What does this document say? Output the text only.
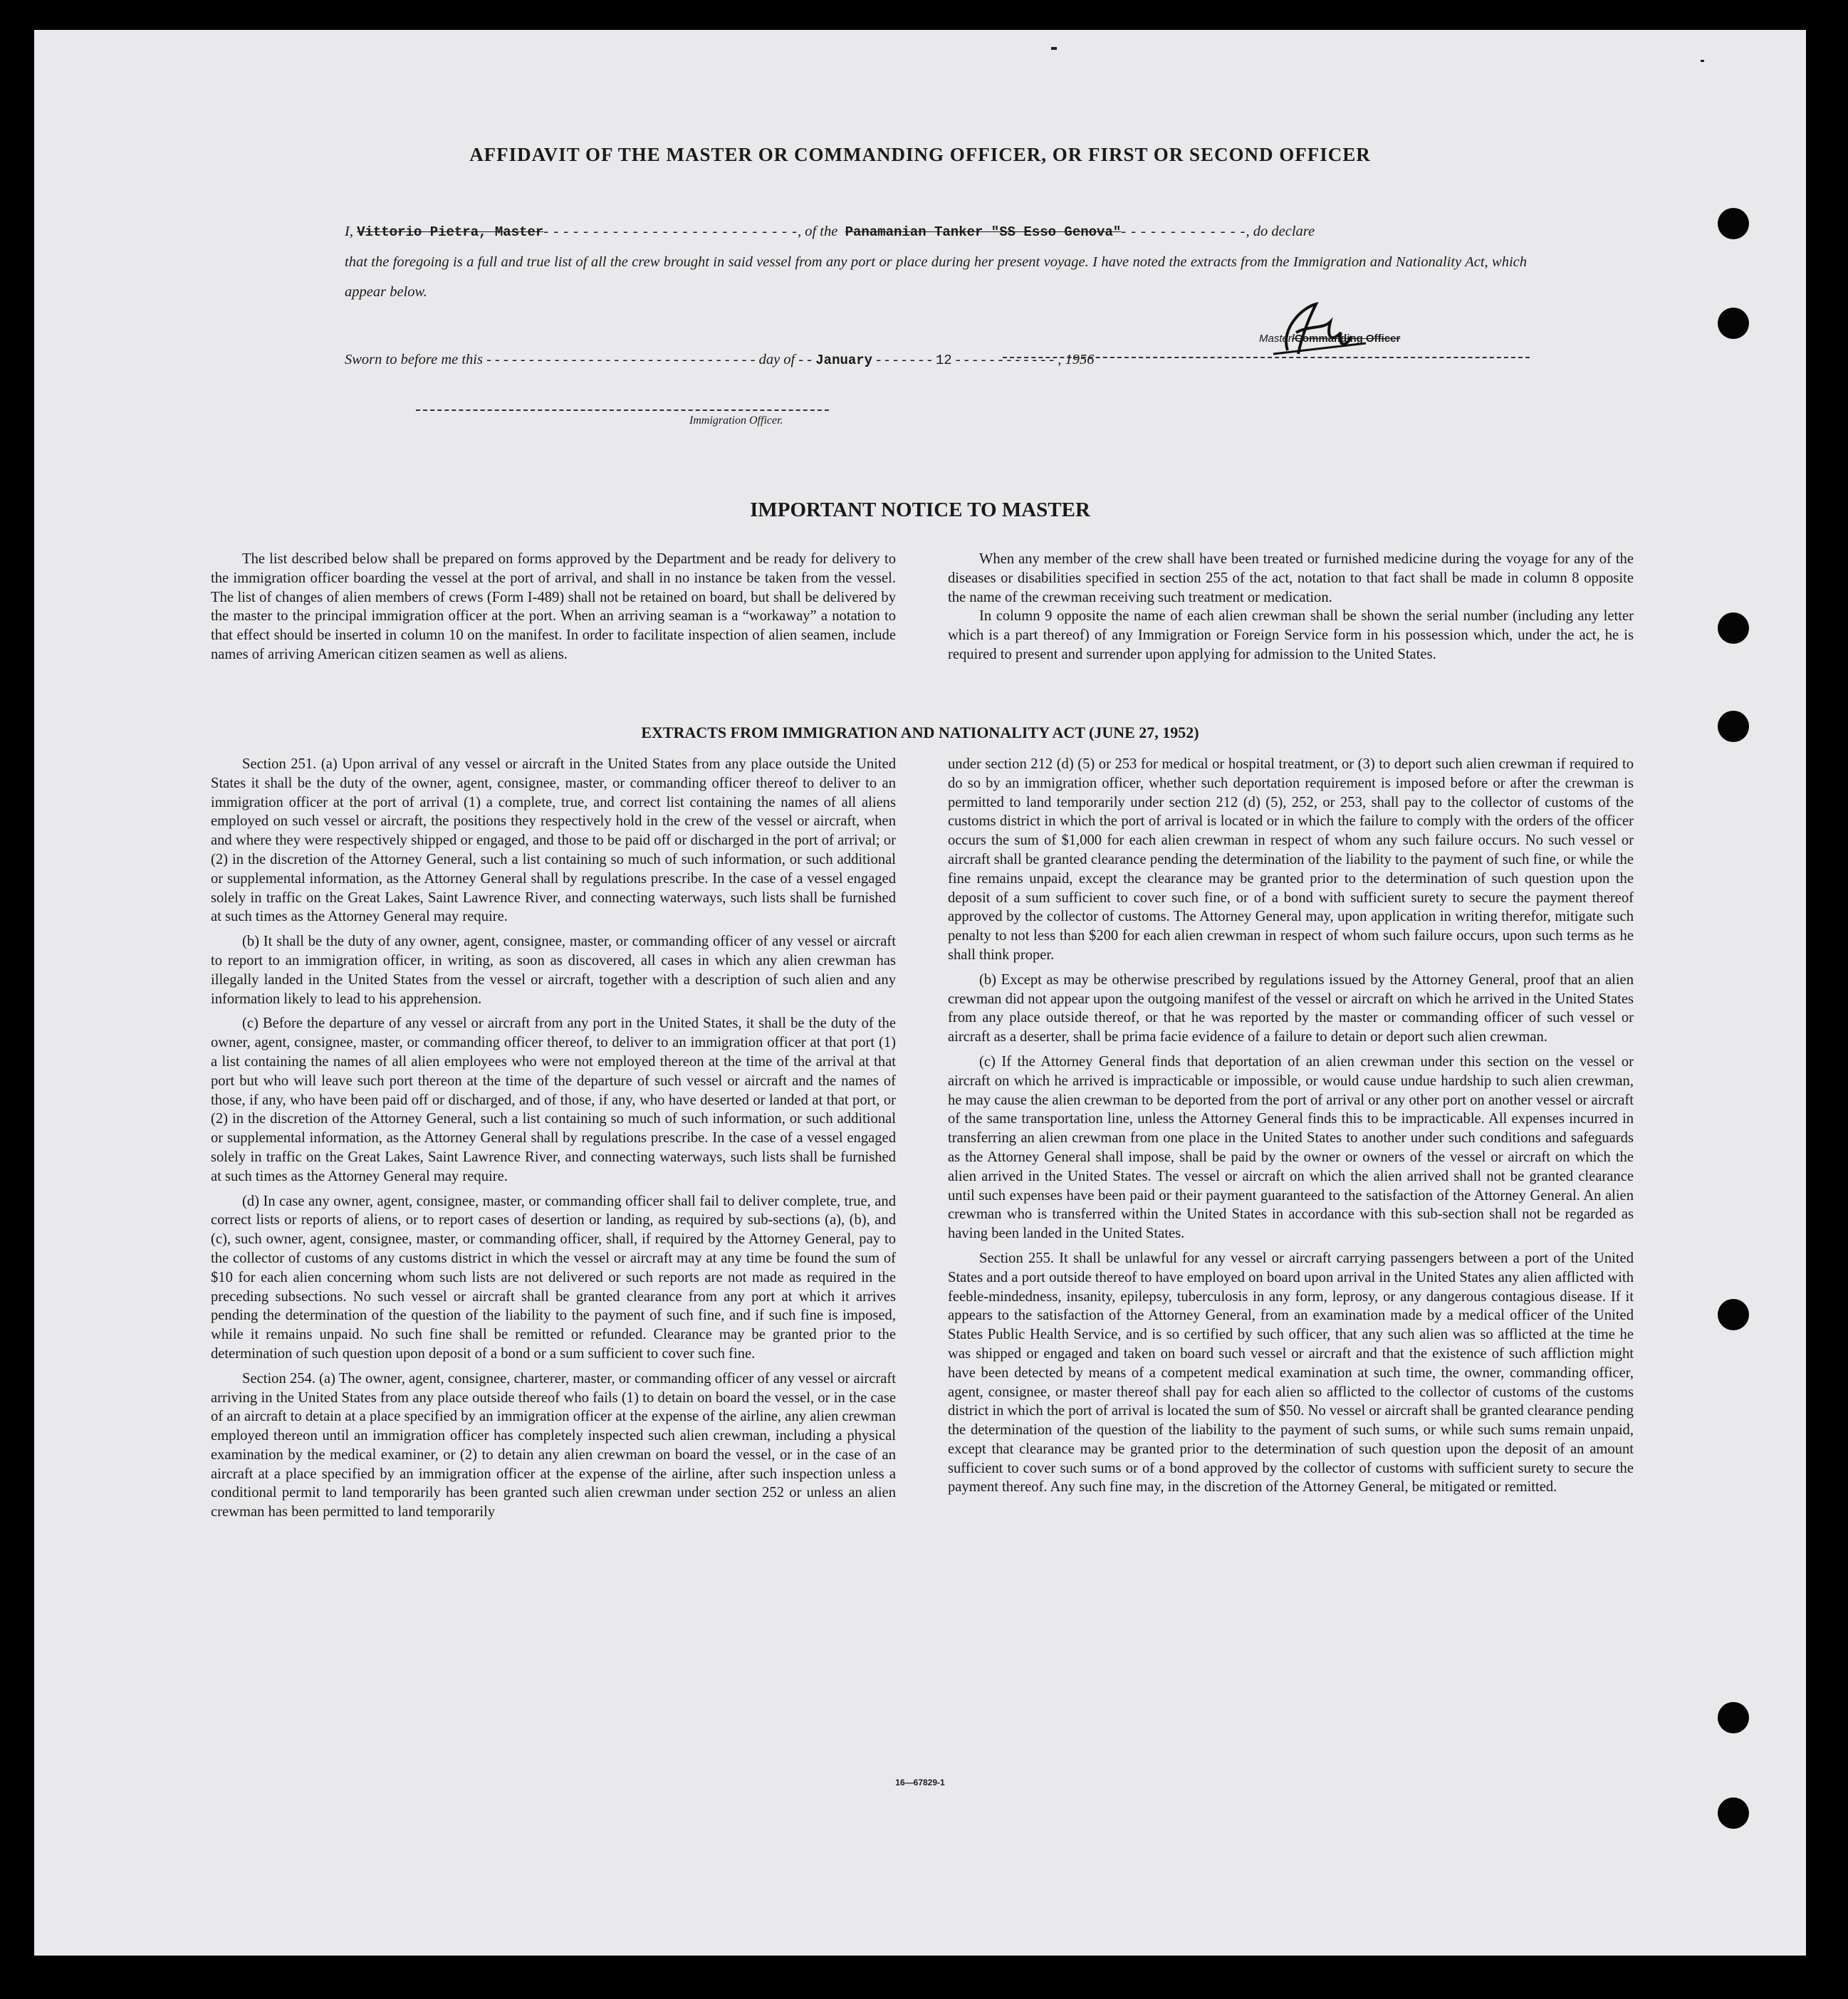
AFFIDAVIT OF THE MASTER OR COMMANDING OFFICER, OR FIRST OR SECOND OFFICER
I,
Vittorio Pietra, Master - - - - - - - - - - - - - - - - - - - - - - - - - - , of the
Panamanian Tanker "SS Esso Genova" - - - - - - - - - - - - - , do declare
that the foregoing is a full and true list of all the crew brought in said vessel from any port or place during her present voyage. I have noted the extracts from the Immigration and Nationality Act, which appear below.
Master/Commanding Officer
Sworn to before me this - - - - - - - - - - - - - - - - - - - - - - - - - - - - - - - - day of - - January - - - - - - - 12 - - - - - - - - - - - - , 1956
Immigration Officer.
IMPORTANT NOTICE TO MASTER

The list described below shall be prepared on forms approved by the Department and be ready for delivery to the immigration officer boarding the vessel at the port of arrival, and shall in no instance be taken from the vessel. The list of changes of alien members of crews (Form I-489) shall not be retained on board, but shall be delivered by the master to the principal immigration officer at the port. When an arriving seaman is a “workaway” a notation to that effect should be inserted in column 10 on the manifest. In order to facilitate inspection of alien seamen, include names of arriving American citizen seamen as well as aliens.

When any member of the crew shall have been treated or furnished medicine during the voyage for any of the diseases or disabilities specified in section 255 of the act, notation to that fact shall be made in column 8 opposite the name of the crewman receiving such treatment or medication.

In column 9 opposite the name of each alien crewman shall be shown the serial number (including any letter which is a part thereof) of any Immigration or Foreign Service form in his possession which, under the act, he is required to present and surrender upon applying for admission to the United States.

EXTRACTS FROM IMMIGRATION AND NATIONALITY ACT (JUNE 27, 1952)

Section 251. (a) Upon arrival of any vessel or aircraft in the United States from any place outside the United States it shall be the duty of the owner, agent, consignee, master, or commanding officer thereof to deliver to an immigration officer at the port of arrival (1) a complete, true, and correct list containing the names of all aliens employed on such vessel or aircraft, the positions they respectively hold in the crew of the vessel or aircraft, when and where they were respectively shipped or engaged, and those to be paid off or discharged in the port of arrival; or (2) in the discretion of the Attorney General, such a list containing so much of such information, or such additional or supplemental information, as the Attorney General shall by regulations prescribe. In the case of a vessel engaged solely in traffic on the Great Lakes, Saint Lawrence River, and connecting waterways, such lists shall be furnished at such times as the Attorney General may require.

(b) It shall be the duty of any owner, agent, consignee, master, or commanding officer of any vessel or aircraft to report to an immigration officer, in writing, as soon as discovered, all cases in which any alien crewman has illegally landed in the United States from the vessel or aircraft, together with a description of such alien and any information likely to lead to his apprehension.

(c) Before the departure of any vessel or aircraft from any port in the United States, it shall be the duty of the owner, agent, consignee, master, or commanding officer thereof, to deliver to an immigration officer at that port (1) a list containing the names of all alien employees who were not employed thereon at the time of the arrival at that port but who will leave such port thereon at the time of the departure of such vessel or aircraft and the names of those, if any, who have been paid off or discharged, and of those, if any, who have deserted or landed at that port, or (2) in the discretion of the Attorney General, such a list containing so much of such information, or such additional or supplemental information, as the Attorney General shall by regulations prescribe. In the case of a vessel engaged solely in traffic on the Great Lakes, Saint Lawrence River, and connecting waterways, such lists shall be furnished at such times as the Attorney General may require.

(d) In case any owner, agent, consignee, master, or commanding officer shall fail to deliver complete, true, and correct lists or reports of aliens, or to report cases of desertion or landing, as required by sub-sections (a), (b), and (c), such owner, agent, consignee, master, or commanding officer, shall, if required by the Attorney General, pay to the collector of customs of any customs district in which the vessel or aircraft may at any time be found the sum of $10 for each alien concerning whom such lists are not delivered or such reports are not made as required in the preceding subsections. No such vessel or aircraft shall be granted clearance from any port at which it arrives pending the determination of the question of the liability to the payment of such fine, and if such fine is imposed, while it remains unpaid. No such fine shall be remitted or refunded. Clearance may be granted prior to the determination of such question upon deposit of a bond or a sum sufficient to cover such fine.

Section 254. (a) The owner, agent, consignee, charterer, master, or commanding officer of any vessel or aircraft arriving in the United States from any place outside thereof who fails (1) to detain on board the vessel, or in the case of an aircraft to detain at a place specified by an immigration officer at the expense of the airline, any alien crewman employed thereon until an immigration officer has completely inspected such alien crewman, including a physical examination by the medical examiner, or (2) to detain any alien crewman on board the vessel, or in the case of an aircraft at a place specified by an immigration officer at the expense of the airline, after such inspection unless a conditional permit to land temporarily has been granted such alien crewman under section 252 or unless an alien crewman has been permitted to land temporarily

under section 212 (d) (5) or 253 for medical or hospital treatment, or (3) to deport such alien crewman if required to do so by an immigration officer, whether such deportation requirement is imposed before or after the crewman is permitted to land temporarily under section 212 (d) (5), 252, or 253, shall pay to the collector of customs of the customs district in which the port of arrival is located or in which the failure to comply with the orders of the officer occurs the sum of $1,000 for each alien crewman in respect of whom any such failure occurs. No such vessel or aircraft shall be granted clearance pending the determination of the liability to the payment of such fine, or while the fine remains unpaid, except the clearance may be granted prior to the determination of such question upon the deposit of a sum sufficient to cover such fine, or of a bond with sufficient surety to secure the payment thereof approved by the collector of customs. The Attorney General may, upon application in writing therefor, mitigate such penalty to not less than $200 for each alien crewman in respect of whom such failure occurs, upon such terms as he shall think proper.

(b) Except as may be otherwise prescribed by regulations issued by the Attorney General, proof that an alien crewman did not appear upon the outgoing manifest of the vessel or aircraft on which he arrived in the United States from any place outside thereof, or that he was reported by the master or commanding officer of such vessel or aircraft as a deserter, shall be prima facie evidence of a failure to detain or deport such alien crewman.

(c) If the Attorney General finds that deportation of an alien crewman under this section on the vessel or aircraft on which he arrived is impracticable or impossible, or would cause undue hardship to such alien crewman, he may cause the alien crewman to be deported from the port of arrival or any other port on another vessel or aircraft of the same transportation line, unless the Attorney General finds this to be impracticable. All expenses incurred in transferring an alien crewman from one place in the United States to another under such conditions and safeguards as the Attorney General shall impose, shall be paid by the owner or owners of the vessel or aircraft on which the alien arrived in the United States. The vessel or aircraft on which the alien arrived shall not be granted clearance until such expenses have been paid or their payment guaranteed to the satisfaction of the Attorney General. An alien crewman who is transferred within the United States in accordance with this sub-section shall not be regarded as having been landed in the United States.

Section 255. It shall be unlawful for any vessel or aircraft carrying passengers between a port of the United States and a port outside thereof to have employed on board upon arrival in the United States any alien afflicted with feeble-mindedness, insanity, epilepsy, tuberculosis in any form, leprosy, or any dangerous contagious disease. If it appears to the satisfaction of the Attorney General, from an examination made by a medical officer of the United States Public Health Service, and is so certified by such officer, that any such alien was so afflicted at the time he was shipped or engaged and taken on board such vessel or aircraft and that the existence of such affliction might have been detected by means of a competent medical examination at such time, the owner, commanding officer, agent, consignee, or master thereof shall pay for each alien so afflicted to the collector of customs of the customs district in which the port of arrival is located the sum of $50. No vessel or aircraft shall be granted clearance pending the determination of the question of the liability to the payment of such sums, or while such sums remain unpaid, except that clearance may be granted prior to the determination of such question upon the deposit of an amount sufficient to cover such sums or of a bond approved by the collector of customs with sufficient surety to secure the payment thereof. Any such fine may, in the discretion of the Attorney General, be mitigated or remitted.

16—67829-1
